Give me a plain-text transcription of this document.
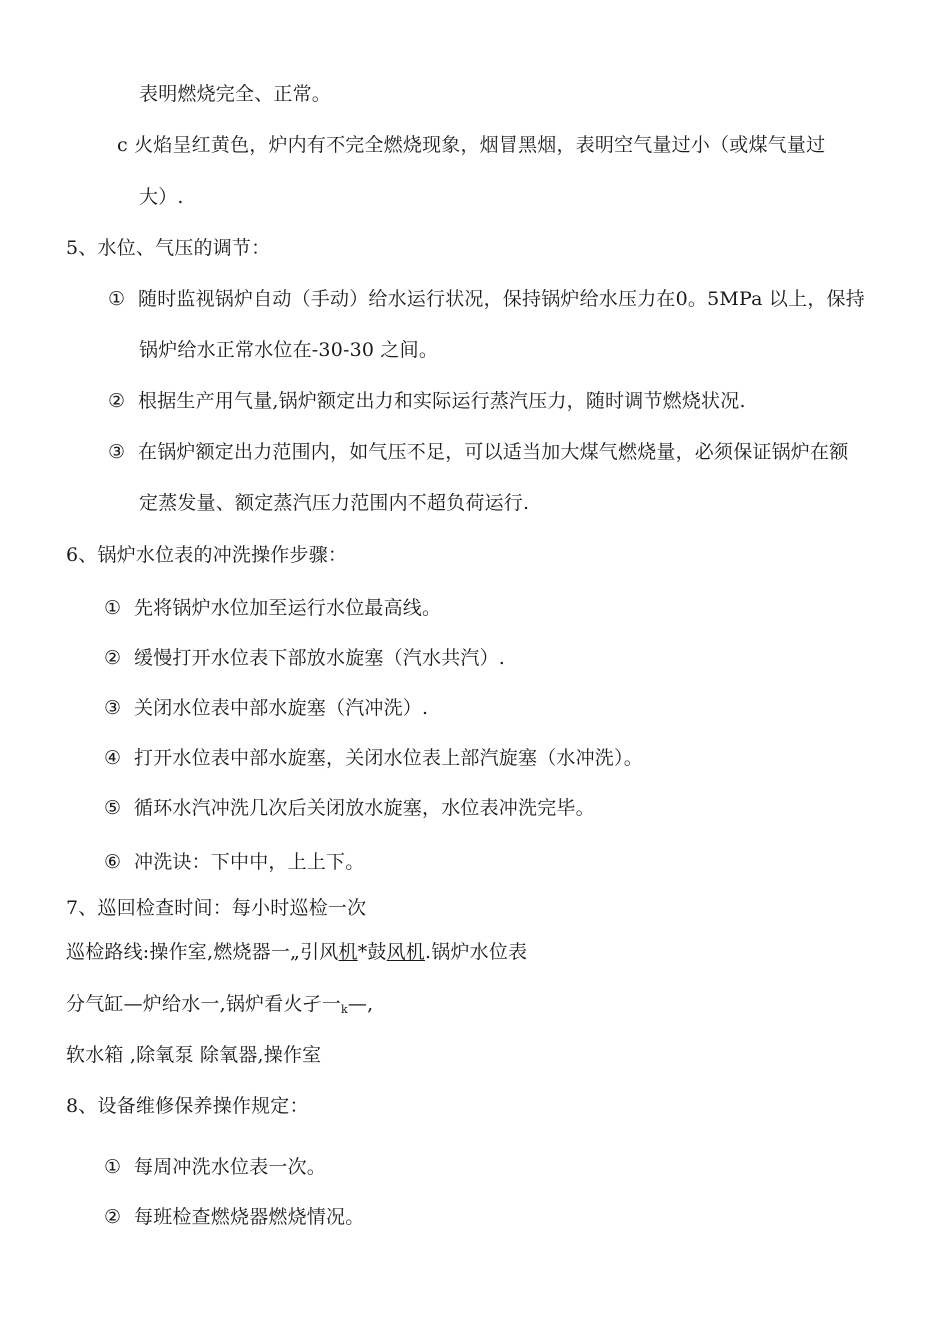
表明燃烧完全、正常。
c 火焰呈红黄色，炉内有不完全燃烧现象，烟冒黑烟，表明空气量过小（或煤气量过
大）.
5、水位、气压的调节：
① 随时监视锅炉自动（手动）给水运行状况，保持锅炉给水压力在0。5MPa 以上，保持
锅炉给水正常水位在-30-30 之间。
② 根据生产用气量,锅炉额定出力和实际运行蒸汽压力，随时调节燃烧状况.
③ 在锅炉额定出力范围内，如气压不足，可以适当加大煤气燃烧量，必须保证锅炉在额
定蒸发量、额定蒸汽压力范围内不超负荷运行.
6、锅炉水位表的冲洗操作步骤：
① 先将锅炉水位加至运行水位最高线。
② 缓慢打开水位表下部放水旋塞（汽水共汽）.
③ 关闭水位表中部水旋塞（汽冲洗）.
④ 打开水位表中部水旋塞，关闭水位表上部汽旋塞（水冲洗）。
⑤ 循环水汽冲洗几次后关闭放水旋塞，水位表冲洗完毕。
⑥ 冲洗诀：下中中，上上下。
7、巡回检查时间：每小时巡检一次
巡检路线:操作室,燃烧器一„引风机*鼓风机.锅炉水位表
分气缸—炉给水一,锅炉看火孑一k—,
软水箱 ,除氧泵 除氧器,操作室
8、设备维修保养操作规定：
① 每周冲洗水位表一次。
② 每班检查燃烧器燃烧情况。
